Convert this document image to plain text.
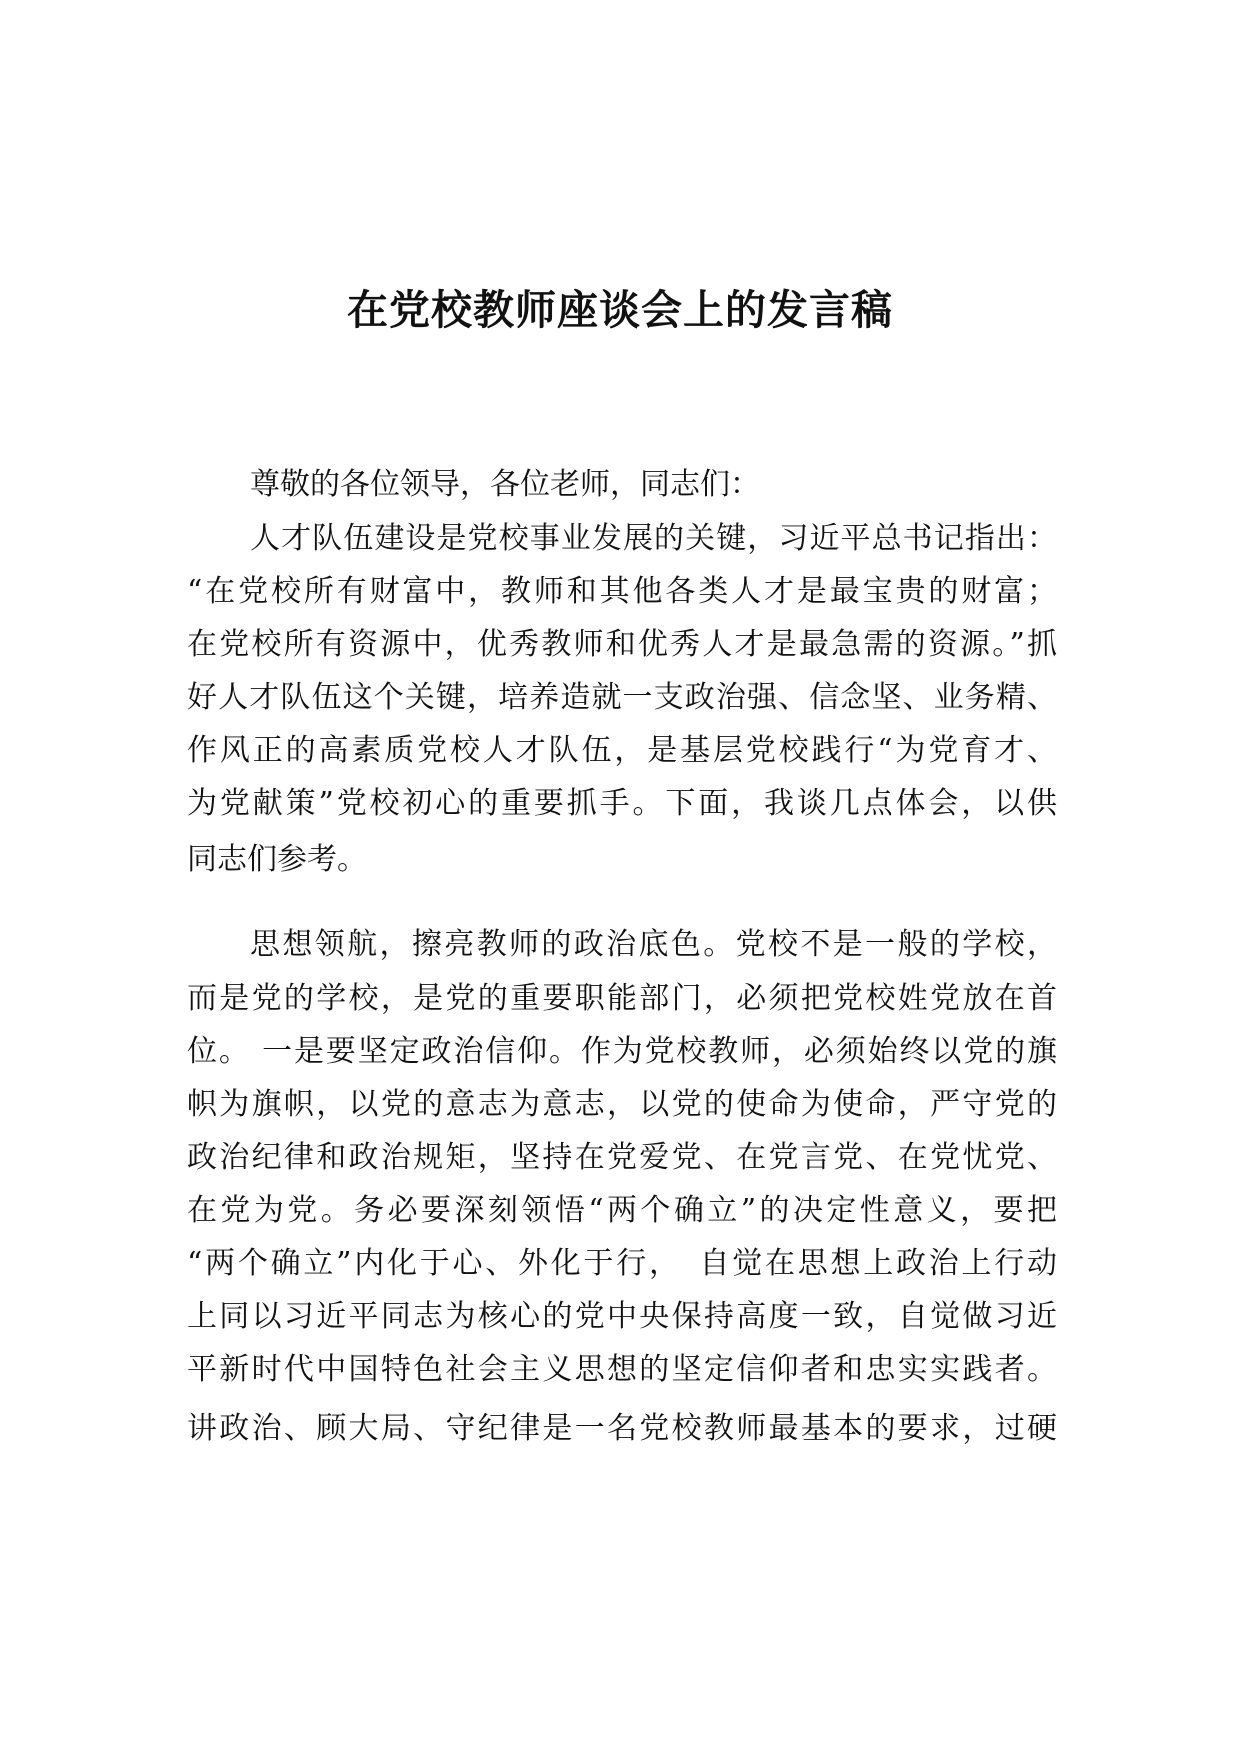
在党校教师座谈会上的发言稿

尊敬的各位领导，各位老师，同志们：

人才队伍建设是党校事业发展的关键，习近平总书记指出：

“在党校所有财富中，教师和其他各类人才是最宝贵的财富；

在党校所有资源中，优秀教师和优秀人才是最急需的资源。”抓

好人才队伍这个关键，培养造就一支政治强、信念坚、业务精、

作风正的高素质党校人才队伍，是基层党校践行“为党育才、

为党献策”党校初心的重要抓手。下面，我谈几点体会，以供

同志们参考。

思想领航，擦亮教师的政治底色。党校不是一般的学校，

而是党的学校，是党的重要职能部门，必须把党校姓党放在首

位。 一是要坚定政治信仰。作为党校教师，必须始终以党的旗

帜为旗帜，以党的意志为意志，以党的使命为使命，严守党的

政治纪律和政治规矩，坚持在党爱党、在党言党、在党忧党、

在党为党。务必要深刻领悟“两个确立”的决定性意义，要把

“两个确立”内化于心、外化于行，　自觉在思想上政治上行动

上同以习近平同志为核心的党中央保持高度一致，自觉做习近

平新时代中国特色社会主义思想的坚定信仰者和忠实实践者。

讲政治、顾大局、守纪律是一名党校教师最基本的要求，过硬
